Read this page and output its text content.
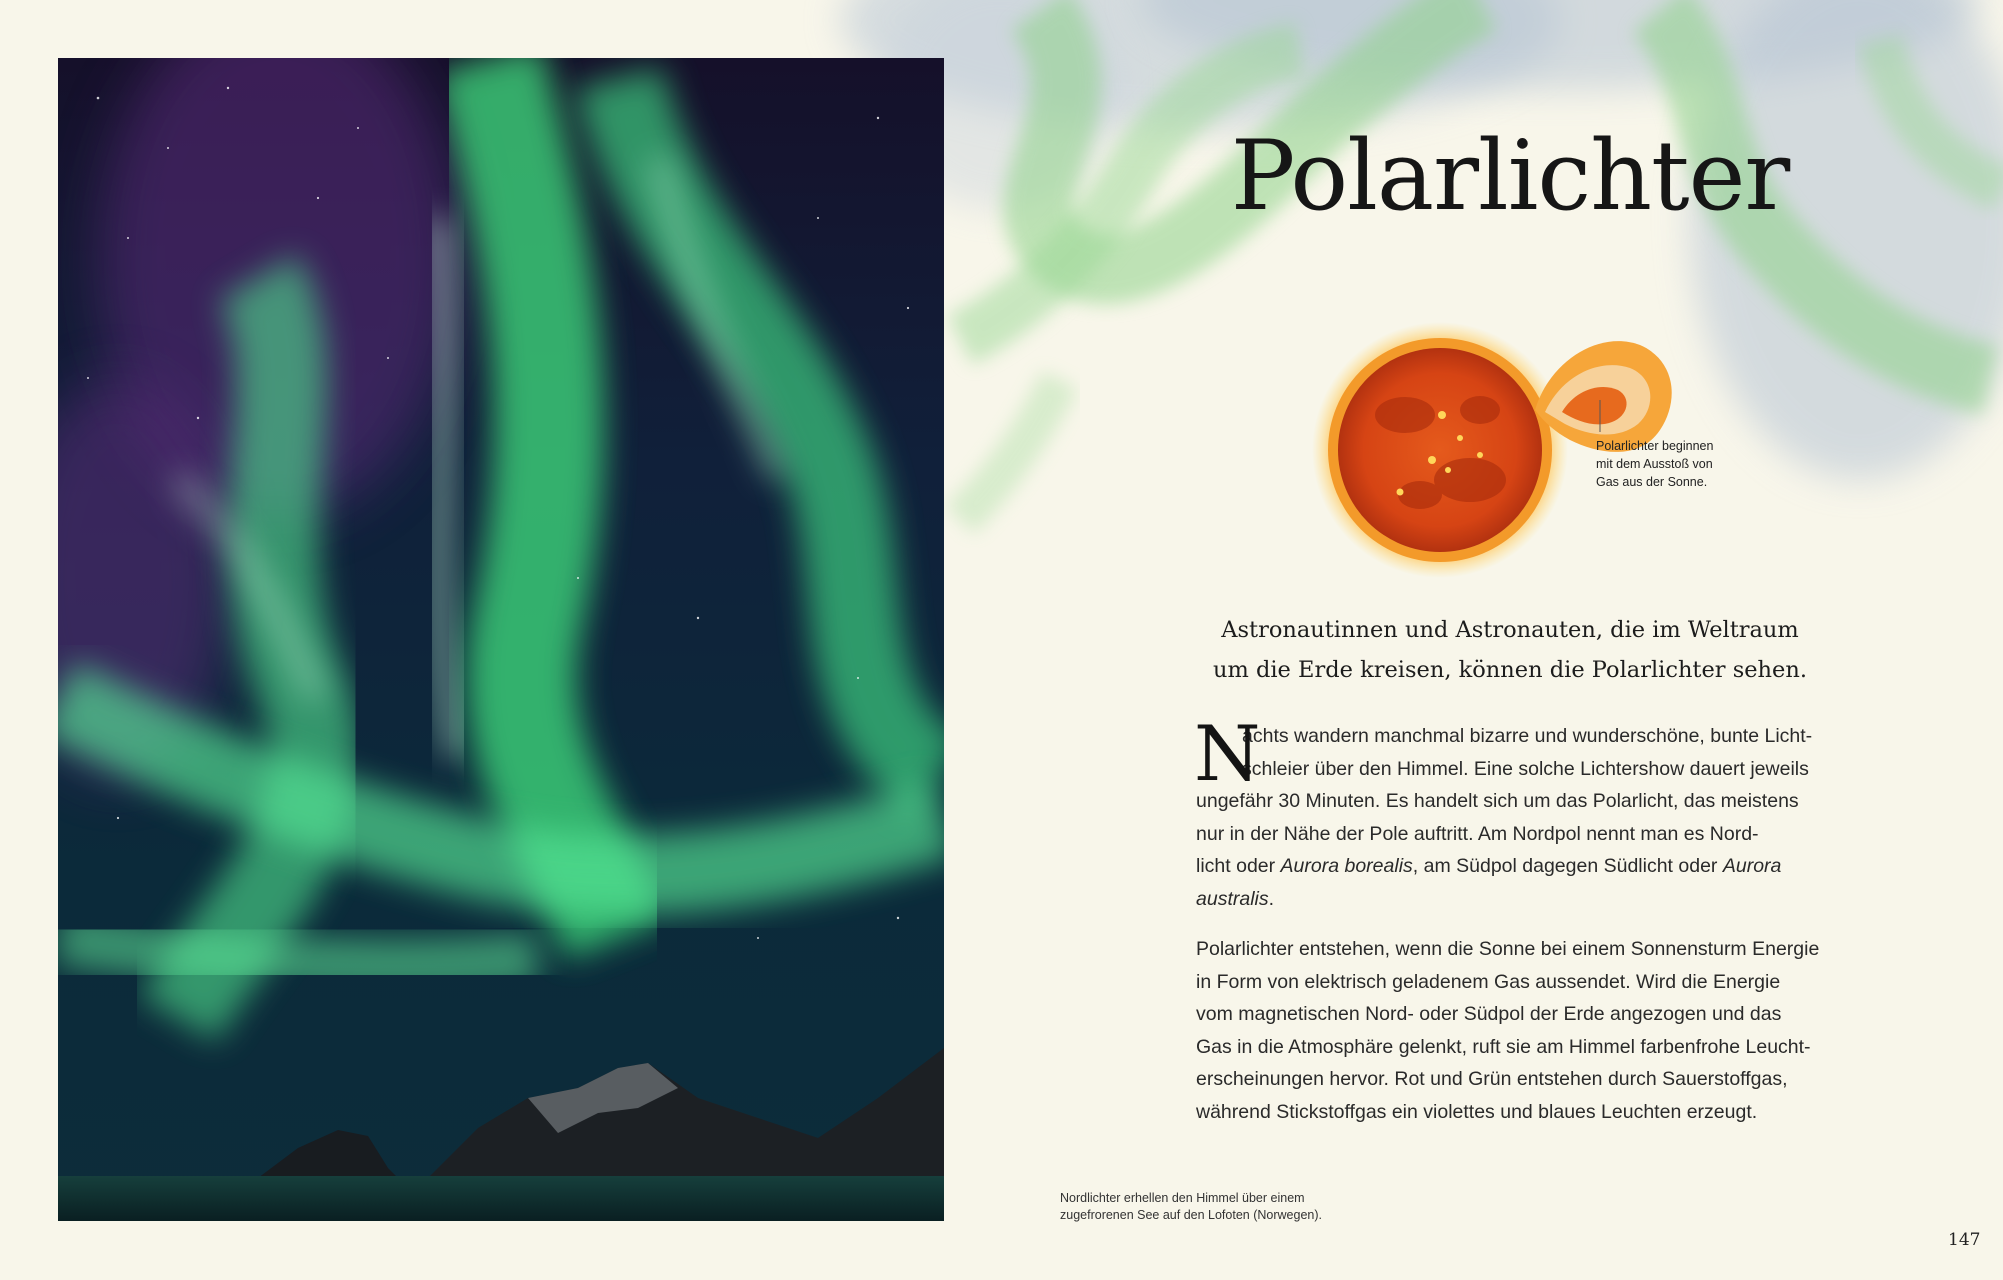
Polarlichter
Polarlichter beginnen
mit dem Ausstoß von
Gas aus der Sonne.
Astronautinnen und Astronauten, die im Weltraum
um die Erde kreisen, können die Polarlichter sehen.
N
achts wandern manchmal bizarre und wunderschöne, bunte Licht-
schleier über den Himmel. Eine solche Lichtershow dauert jeweils
ungefähr 30 Minuten. Es handelt sich um das Polarlicht, das meistens
nur in der Nähe der Pole auftritt. Am Nordpol nennt man es Nord-
licht oder Aurora borealis, am Südpol dagegen Südlicht oder Aurora
australis.
Polarlichter entstehen, wenn die Sonne bei einem Sonnensturm Energie
in Form von elektrisch geladenem Gas aussendet. Wird die Energie
vom magnetischen Nord- oder Südpol der Erde angezogen und das
Gas in die Atmosphäre gelenkt, ruft sie am Himmel farbenfrohe Leucht-
erscheinungen hervor. Rot und Grün entstehen durch Sauerstoffgas,
während Stickstoffgas ein violettes und blaues Leuchten erzeugt.
Nordlichter erhellen den Himmel über einem
zugefrorenen See auf den Lofoten (Norwegen).
147
